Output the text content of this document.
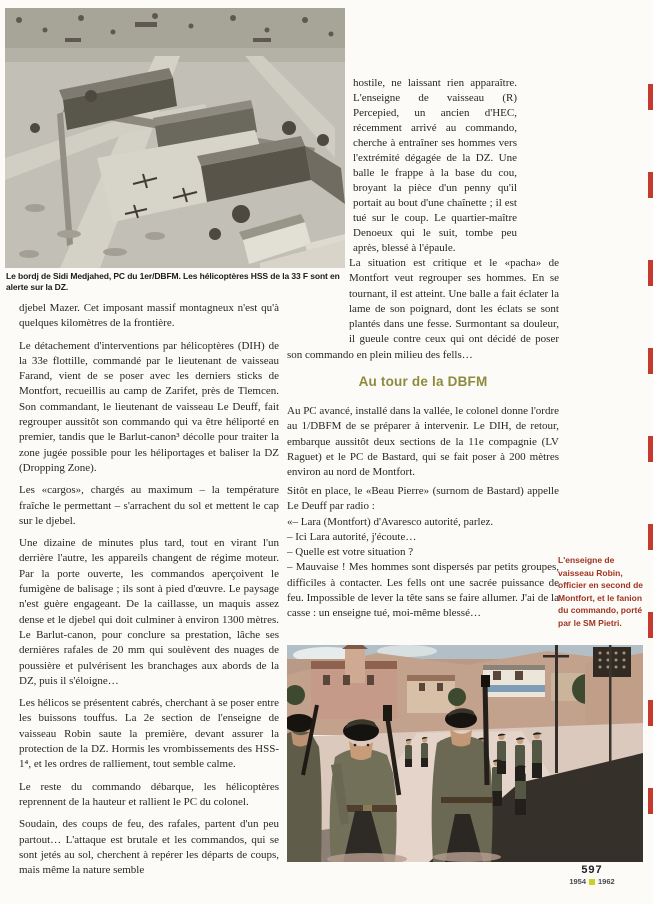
Le bordj de Sidi Medjahed, PC du 1er/DBFM. Les hélicoptères HSS de la 33 F sont en alerte sur la DZ.

djebel Mazer. Cet imposant massif montagneux n'est qu'à quelques kilomètres de la frontière.

Le détachement d'interventions par hélicoptères (DIH) de la 33e flottille, commandé par le lieutenant de vaisseau Farand, vient de se poser avec les derniers sticks de Montfort, recueillis au camp de Zarifet, près de Tlemcen. Son commandant, le lieutenant de vaisseau Le Deuff, fait regrouper aussitôt son commando qui va être héliporté en premier, tandis que le Barlut-canon³ décolle pour traiter la zone jugée possible pour les héliportages et baliser la DZ (Dropping Zone).

Les «cargos», chargés au maximum – la température fraîche le permettant – s'arrachent du sol et mettent le cap sur le djebel.

Une dizaine de minutes plus tard, tout en virant l'un derrière l'autre, les appareils changent de régime moteur. Par la porte ouverte, les commandos aperçoivent le fumigène de balisage ; ils sont à pied d'œuvre. Le paysage n'est guère engageant. De la caillasse, un maquis assez dense et le djebel qui doit culminer à environ 1300 mètres. Le Barlut-canon, pour conclure sa prestation, lâche ses dernières rafales de 20 mm qui soulèvent des nuages de poussière et pulvérisent les branchages aux abords de la DZ, puis il s'éloigne…

Les hélicos se présentent cabrés, cherchant à se poser entre les buissons touffus. La 2e section de l'enseigne de vaisseau Robin saute la première, devant assurer la protection de la DZ. Hormis les vrombissements des HSS-1⁴, et les ordres de ralliement, tout semble calme.

Le reste du commando débarque, les hélicoptères reprennent de la hauteur et rallient le PC du colonel.

Soudain, des coups de feu, des rafales, partent d'un peu partout… L'attaque est brutale et les commandos, qui se sont jetés au sol, cherchent à repérer les départs de coups, mais même la nature semble

hostile, ne laissant rien apparaître. L'enseigne de vaisseau (R) Percepied, un ancien d'HEC, récemment arrivé au commando, cherche à entraîner ses hommes vers l'extrémité dégagée de la DZ. Une balle le frappe à la base du cou, broyant la pièce d'un penny qu'il portait au bout d'une chaînette ; il est tué sur le coup. Le quartier-maître Denoeux qui le suit, tombe peu après, blessé à l'épaule.
La situation est critique et le «pacha» de Montfort veut regrouper ses hommes. En se tournant, il est atteint. Une balle a fait éclater la lame de son poignard, dont les éclats se sont plantés dans une fesse. Surmontant sa douleur, il gueule contre ceux qui ont décidé de poser son commando en plein milieu des fells…
Au tour de la DBFM
Au PC avancé, installé dans la vallée, le colonel donne l'ordre au 1/DBFM de se préparer à intervenir. Le DIH, de retour, embarque aussitôt deux sections de la 11e compagnie (LV Raguet) et le PC de Bastard, qui se fait poser à 200 mètres environ au nord de Montfort.

Sitôt en place, le «Beau Pierre» (surnom de Bastard) appelle Le Deuff par radio :

«– Lara (Montfort) d'Avaresco autorité, parlez.

– Ici Lara autorité, j'écoute…

– Quelle est votre situation ?

– Mauvaise ! Mes hommes sont dispersés par petits groupes, difficiles à contacter. Les fells ont une sacrée puissance de feu. Impossible de lever la tête sans se faire allumer. J'ai de la casse : un enseigne tué, moi-même blessé…

L'enseigne de vaisseau Robin, officier en second de Montfort, et le fanion du commando, porté par le SM Pietri.
597
1954 1962
